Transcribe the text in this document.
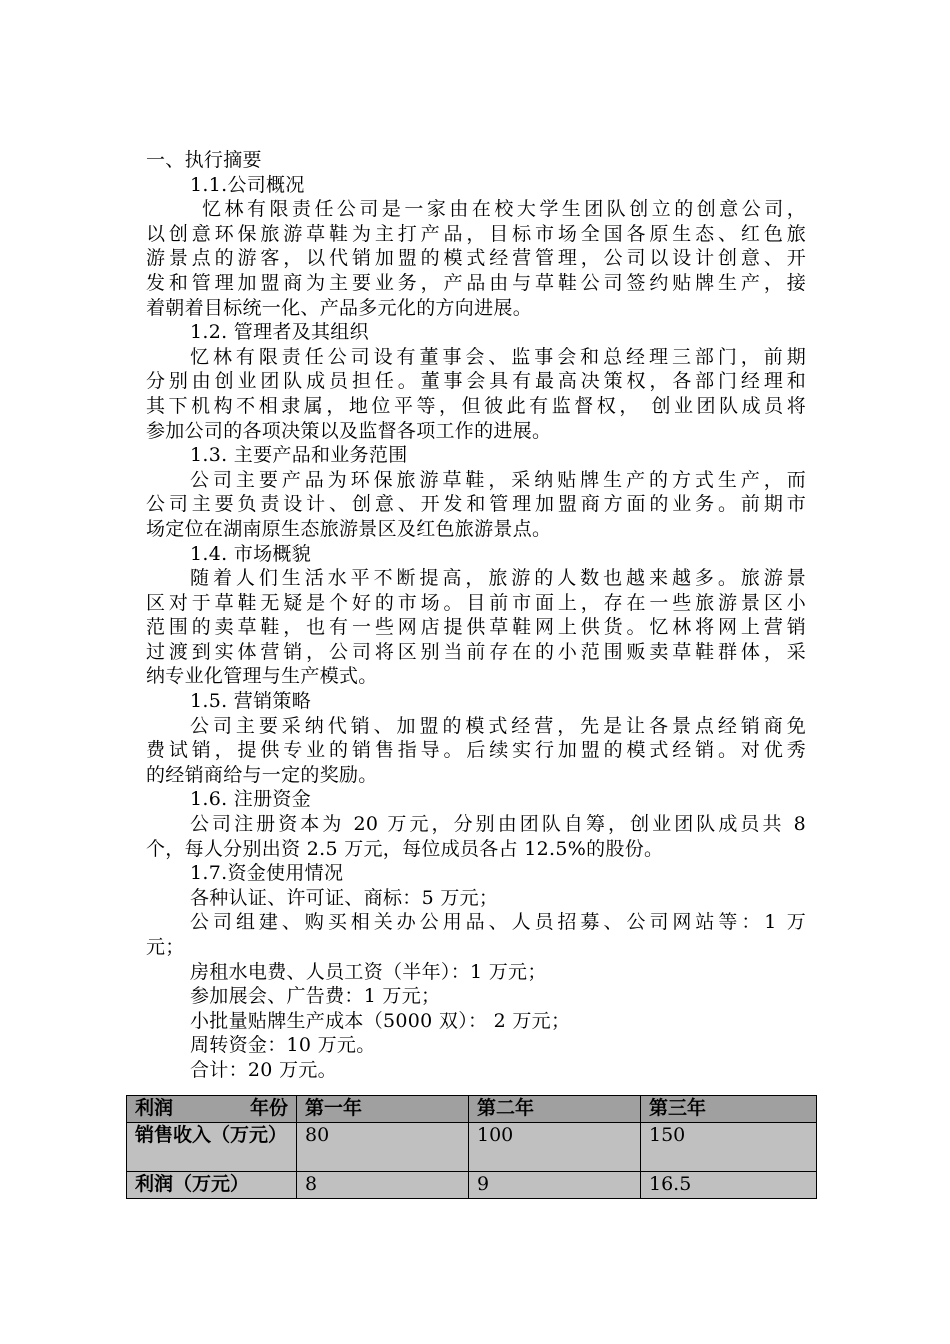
一、执行摘要
1.1.公司概况
忆林有限责任公司是一家由在校大学生团队创立的创意公司，
以创意环保旅游草鞋为主打产品，目标市场全国各原生态、红色旅
游景点的游客，以代销加盟的模式经营管理，公司以设计创意、开
发和管理加盟商为主要业务，产品由与草鞋公司签约贴牌生产，接
着朝着目标统一化、产品多元化的方向进展。
1.2. 管理者及其组织
忆林有限责任公司设有董事会、监事会和总经理三部门，前期
分别由创业团队成员担任。董事会具有最高决策权，各部门经理和
其下机构不相隶属，地位平等，但彼此有监督权， 创业团队成员将
参加公司的各项决策以及监督各项工作的进展。
1.3. 主要产品和业务范围
公司主要产品为环保旅游草鞋，采纳贴牌生产的方式生产，而
公司主要负责设计、创意、开发和管理加盟商方面的业务。前期市
场定位在湖南原生态旅游景区及红色旅游景点。
1.4. 市场概貌
随着人们生活水平不断提高，旅游的人数也越来越多。旅游景
区对于草鞋无疑是个好的市场。目前市面上，存在一些旅游景区小
范围的卖草鞋，也有一些网店提供草鞋网上供货。忆林将网上营销
过渡到实体营销，公司将区别当前存在的小范围贩卖草鞋群体，采
纳专业化管理与生产模式。
1.5. 营销策略
公司主要采纳代销、加盟的模式经营，先是让各景点经销商免
费试销，提供专业的销售指导。后续实行加盟的模式经销。对优秀
的经销商给与一定的奖励。
1.6. 注册资金
公司注册资本为 20 万元，分别由团队自筹，创业团队成员共 8
个，每人分别出资 2.5 万元，每位成员各占 12.5%的股份。
1.7.资金使用情况
各种认证、许可证、商标：5 万元；
公司组建、购买相关办公用品、人员招募、公司网站等：1 万
元；
房租水电费、人员工资（半年）：1 万元；
参加展会、广告费：1 万元；
小批量贴牌生产成本（5000 双）： 2 万元；
周转资金：10 万元。
合计：20 万元。
利润 年份	第一年	第二年	第三年
销售收入（万元）	80	100	150
利润（万元）	8	9	16.5
